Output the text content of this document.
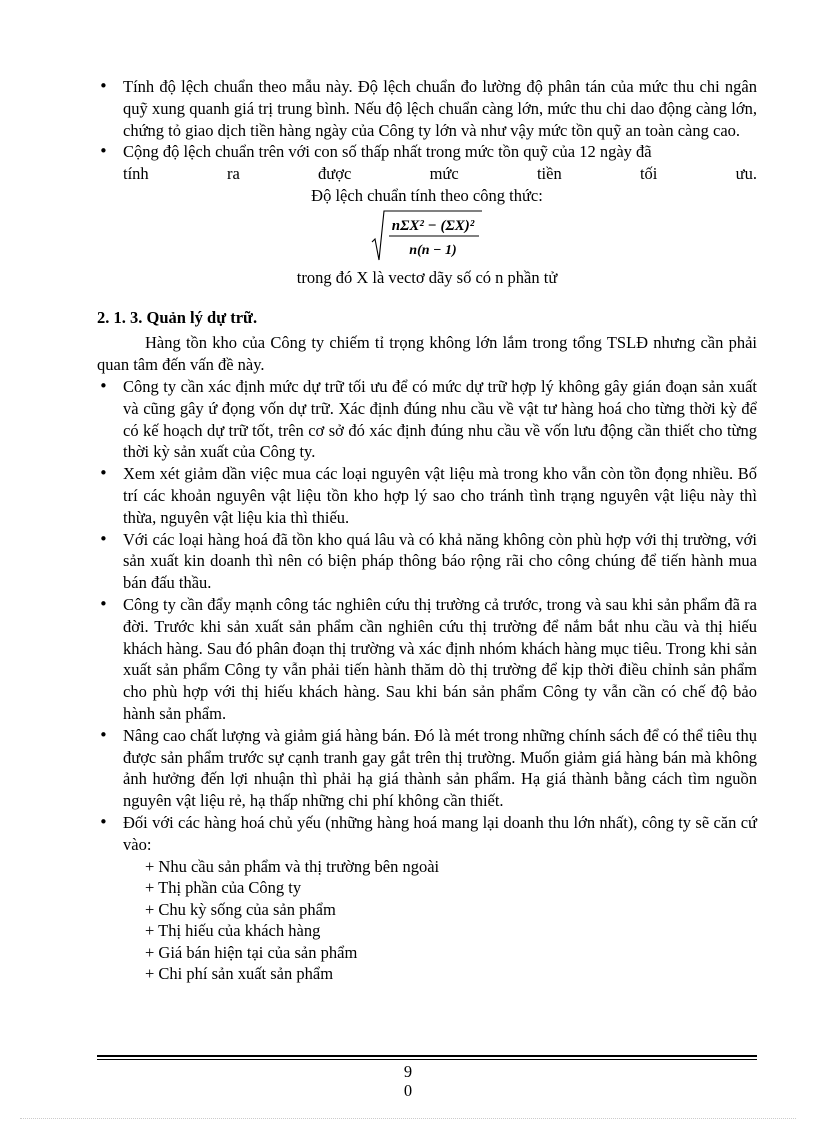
• Tính độ lệch chuẩn theo mẫu này. Độ lệch chuẩn đo lường độ phân tán của mức thu chi ngân quỹ xung quanh giá trị trung bình. Nếu độ lệch chuẩn càng lớn, mức thu chi dao động càng lớn, chứng tỏ giao dịch tiền hàng ngày của Công ty lớn và như vậy mức tồn quỹ an toàn càng cao.
• Cộng độ lệch chuẩn trên với con số thấp nhất trong mức tồn quỹ của 12 ngày đã
tính ra được mức tiền tối ưu.
Độ lệch chuẩn tính theo công thức:
nΣX² − (ΣX)²
n(n − 1)
trong đó X là vectơ dãy số có n phần tử
2. 1. 3. Quản lý dự trữ.
Hàng tồn kho của Công ty chiếm tỉ trọng không lớn lắm trong tổng TSLĐ nhưng cần phải quan tâm đến vấn đề này.
• Công ty cần xác định mức dự trữ tối ưu để có mức dự trữ hợp lý không gây gián đoạn sản xuất và cũng gây ứ đọng vốn dự trữ. Xác định đúng nhu cầu về vật tư hàng hoá cho từng thời kỳ để có kế hoạch dự trữ tốt, trên cơ sở đó xác định đúng nhu cầu về vốn lưu động cần thiết cho từng thời kỳ sản xuất của Công ty.
• Xem xét giảm dần việc mua các loại nguyên vật liệu mà trong kho vẫn còn tồn đọng nhiều. Bố trí các khoản nguyên vật liệu tồn kho hợp lý sao cho tránh tình trạng nguyên vật liệu này thì thừa, nguyên vật liệu kia thì thiếu.
• Với các loại hàng hoá đã tồn kho quá lâu và có khả năng không còn phù hợp với thị trường, với sản xuất kin doanh thì nên có biện pháp thông báo rộng rãi cho công chúng để tiến hành mua bán đấu thầu.
• Công ty cần đẩy mạnh công tác nghiên cứu thị trường cả trước, trong và sau khi sản phẩm đã ra đời. Trước khi sản xuất sản phẩm cần nghiên cứu thị trường để nắm bắt nhu cầu và thị hiếu khách hàng. Sau đó phân đoạn thị trường và xác định nhóm khách hàng mục tiêu. Trong khi sản xuất sản phẩm Công ty vẫn phải tiến hành thăm dò thị trường để kịp thời điều chỉnh sản phẩm cho phù hợp với thị hiếu khách hàng. Sau khi bán sản phẩm Công ty vẫn cần có chế độ bảo hành sản phẩm.
• Nâng cao chất lượng và giảm giá hàng bán. Đó là mét trong những chính sách để có thể tiêu thụ được sản phẩm trước sự cạnh tranh gay gắt trên thị trường. Muốn giảm giá hàng bán mà không ảnh hưởng đến lợi nhuận thì phải hạ giá thành sản phẩm. Hạ giá thành bằng cách tìm nguồn nguyên vật liệu rẻ, hạ thấp những chi phí không cần thiết.
• Đối với các hàng hoá chủ yếu (những hàng hoá mang lại doanh thu lớn nhất), công ty sẽ căn cứ vào:
+ Nhu cầu sản phẩm và thị trường bên ngoài
+ Thị phần của Công ty
+ Chu kỳ sống của sản phẩm
+ Thị hiếu của khách hàng
+ Giá bán hiện tại của sản phẩm
+ Chi phí sản xuất sản phẩm
9
0
